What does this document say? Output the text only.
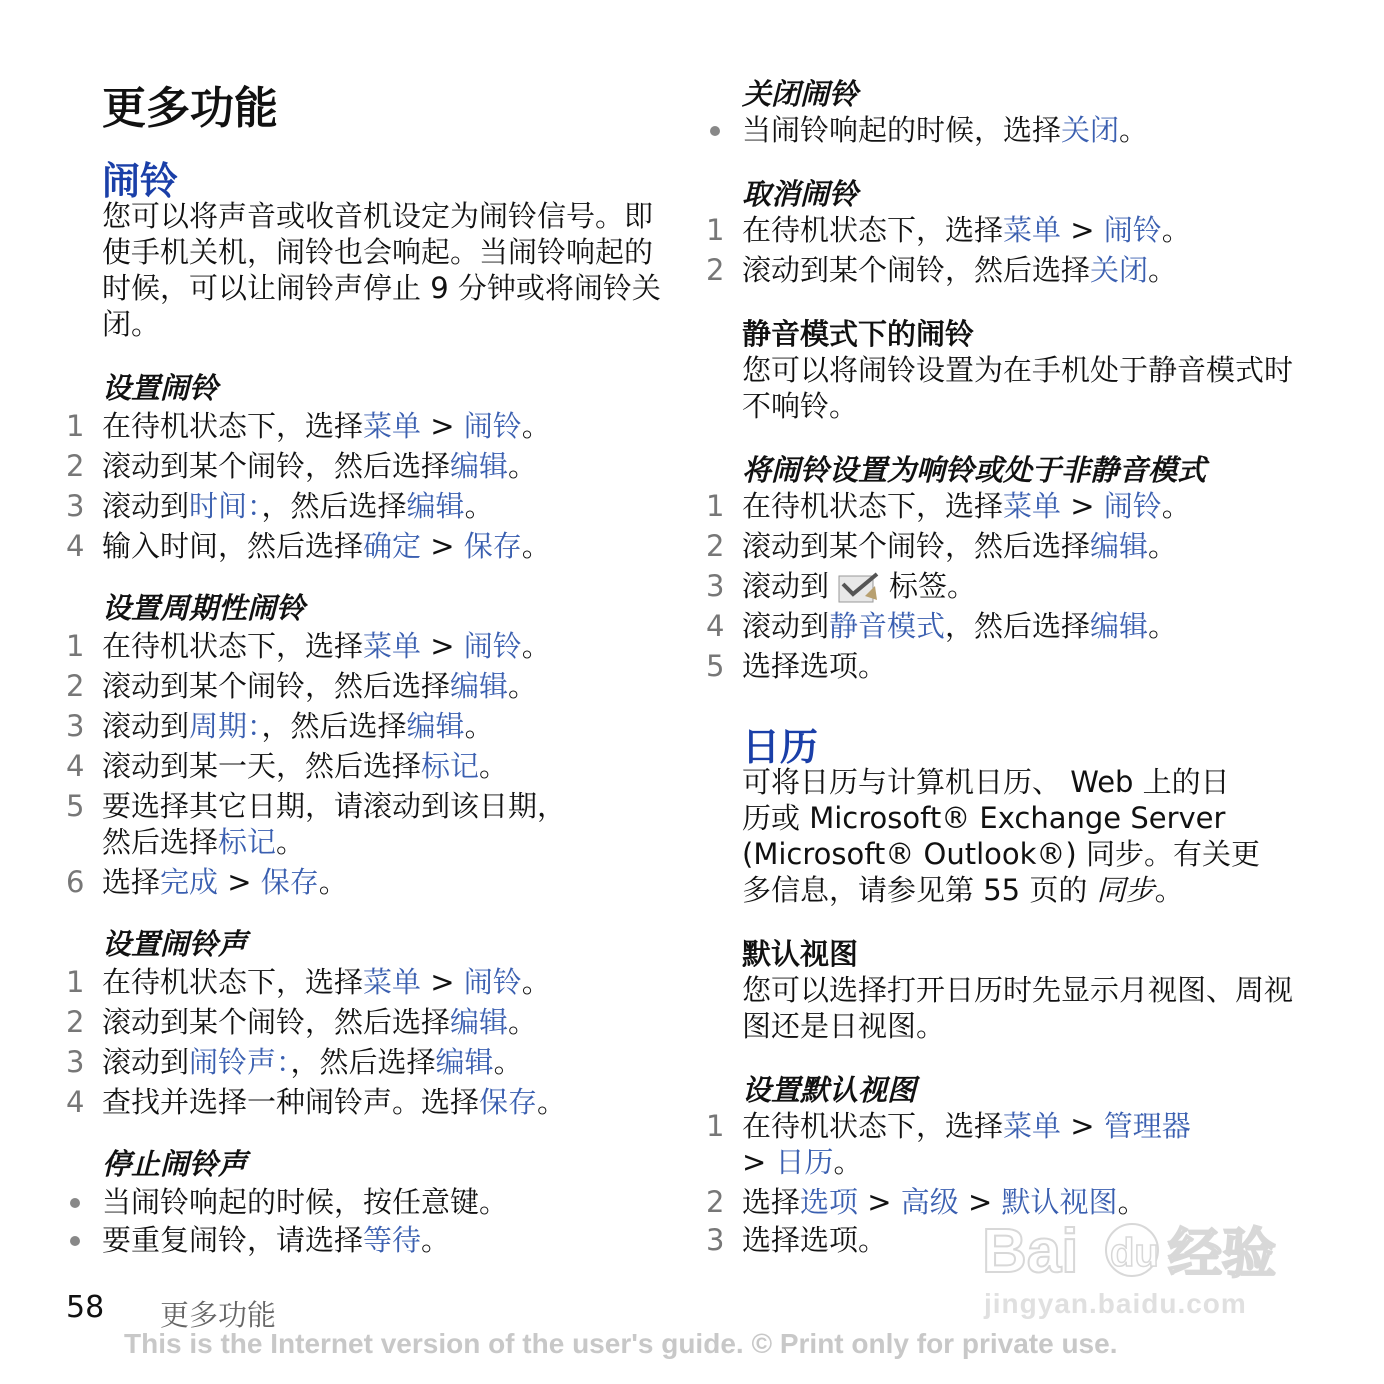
更多功能
闹铃
您可以将声音或收音机设定为闹铃信号。即使手机关机，闹铃也会响起。当闹铃响起的时候，可以让闹铃声停止 9 分钟或将闹铃关闭。
设置闹铃
1 在待机状态下，选择菜单 > 闹铃。
2 滚动到某个闹铃，然后选择编辑。
3 滚动到时间：，然后选择编辑。
4 输入时间，然后选择确定 > 保存。
设置周期性闹铃
1 在待机状态下，选择菜单 > 闹铃。
2 滚动到某个闹铃，然后选择编辑。
3 滚动到周期：，然后选择编辑。
4 滚动到某一天，然后选择标记。
5 要选择其它日期，请滚动到该日期，
然后选择标记。
6 选择完成 > 保存。
设置闹铃声
1 在待机状态下，选择菜单 > 闹铃。
2 滚动到某个闹铃，然后选择编辑。
3 滚动到闹铃声：，然后选择编辑。
4 查找并选择一种闹铃声。选择保存。
停止闹铃声
当闹铃响起的时候，按任意键。
要重复闹铃，请选择等待。
关闭闹铃
当闹铃响起的时候，选择关闭。
取消闹铃
1 在待机状态下，选择菜单 > 闹铃。
2 滚动到某个闹铃，然后选择关闭。
静音模式下的闹铃
您可以将闹铃设置为在手机处于静音模式时不响铃。
将闹铃设置为响铃或处于非静音模式
1 在待机状态下，选择菜单 > 闹铃。
2 滚动到某个闹铃，然后选择编辑。
3 滚动到 标签。
4 滚动到静音模式，然后选择编辑。
5 选择选项。
日历
可将日历与计算机日历、 Web 上的日
历或 Microsoft® Exchange Server
(Microsoft® Outlook®) 同步。有关更
多信息，请参见第 55 页的 同步。
默认视图
您可以选择打开日历时先显示月视图、周视图还是日视图。
设置默认视图
1 在待机状态下，选择菜单 > 管理器
> 日历。
2 选择选项 > 高级 > 默认视图。
3 选择选项。 Bai du 经验
jingyan.baidu.com
58 更多功能
This is the Internet version of the user's guide. © Print only for private use.
